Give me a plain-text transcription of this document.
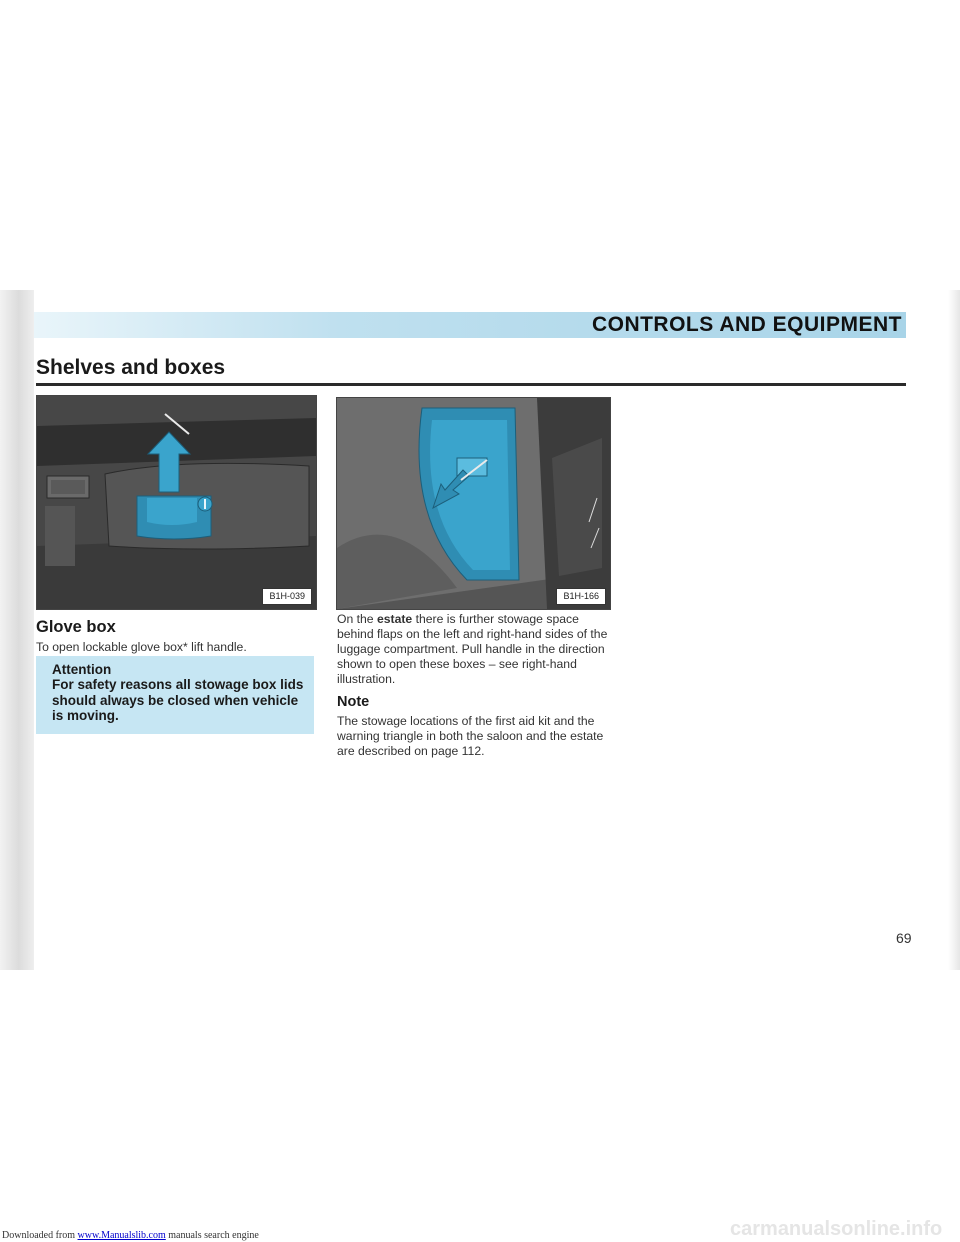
CONTROLS AND EQUIPMENT
Shelves and boxes
B1H-039	B1H-166
Glove box
To open lockable glove box* lift handle.
Attention
For safety reasons all stowage box lids should always be closed when vehicle is moving.
On the estate there is further stowage space behind flaps on the left and right-hand sides of the luggage compartment. Pull handle in the direction shown to open these boxes – see right-hand illustration.
Note
The stowage locations of the first aid kit and the warning triangle in both the saloon and the estate are described on page 112.
69
carmanualsonline.info
Downloaded from www.Manualslib.com manuals search engine
